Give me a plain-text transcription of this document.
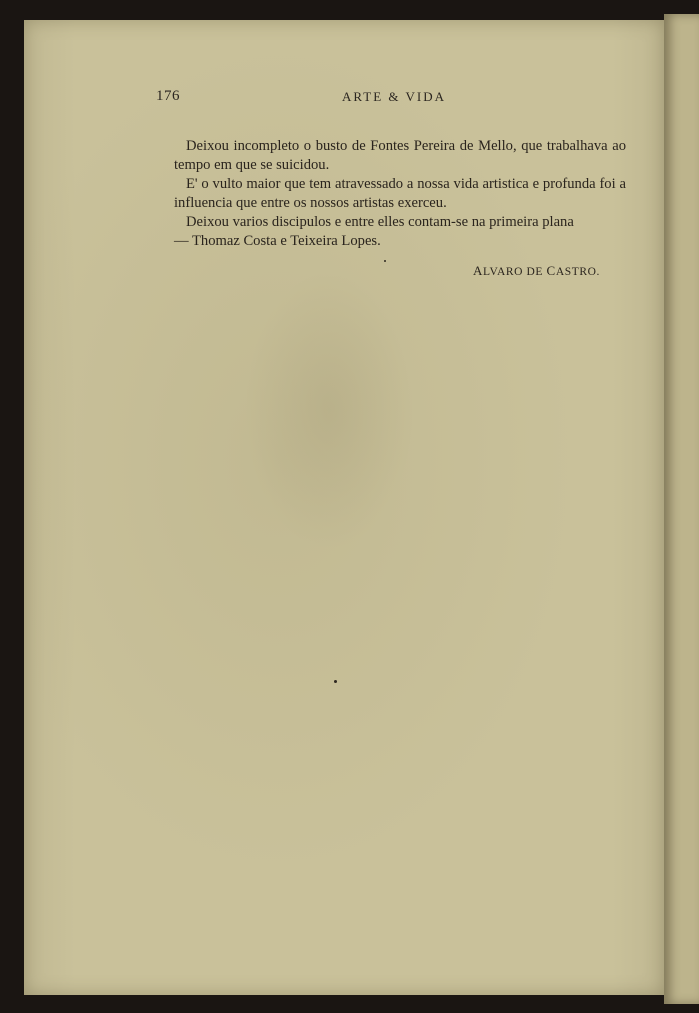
176	ARTE & VIDA

Deixou incompleto o busto de Fontes Pereira de Mello, que trabalhava ao tempo em que se suicidou.

E' o vulto maior que tem atravessado a nossa vida artistica e profunda foi a influencia que entre os nossos artistas exerceu.

Deixou varios discipulos e entre elles contam-se na primeira plana

— Thomaz Costa e Teixeira Lopes.

ALVARO DE CASTRO.
